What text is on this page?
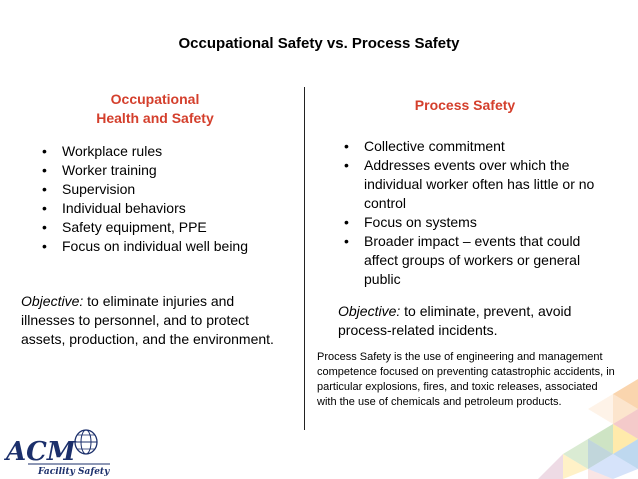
Occupational Safety vs. Process Safety
Occupational
Health and Safety
• Workplace rules
• Worker training
• Supervision
• Individual behaviors
• Safety equipment, PPE
• Focus on individual well being
Objective: to eliminate injuries and illnesses to personnel, and to protect assets, production, and the environment.
Process Safety
• Collective commitment
• Addresses events over which the individual worker often has little or no control
• Focus on systems
• Broader impact – events that could affect groups of workers or general public
Objective: to eliminate, prevent, avoid process-related incidents.
Process Safety is the use of engineering and management competence focused on preventing catastrophic accidents, in particular explosions, fires, and toxic releases, associated with the use of chemicals and petroleum products.
ACM
Facility Safety
